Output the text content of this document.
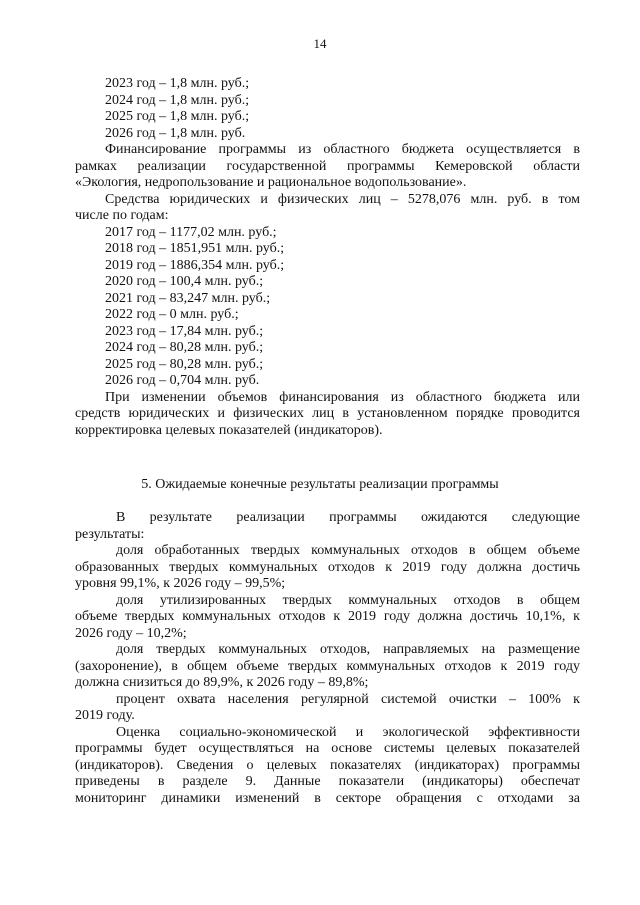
14
2023 год – 1,8 млн. руб.;
2024 год – 1,8 млн. руб.;
2025 год – 1,8 млн. руб.;
2026 год – 1,8 млн. руб.
Финансирование программы из областного бюджета осуществляется в
рамках реализации государственной программы Кемеровской области
«Экология, недропользование и рациональное водопользование».
Средства юридических и физических лиц – 5278,076 млн. руб. в том
числе по годам:
2017 год – 1177,02 млн. руб.;
2018 год – 1851,951 млн. руб.;
2019 год – 1886,354 млн. руб.;
2020 год – 100,4 млн. руб.;
2021 год – 83,247 млн. руб.;
2022 год – 0 млн. руб.;
2023 год – 17,84 млн. руб.;
2024 год – 80,28 млн. руб.;
2025 год – 80,28 млн. руб.;
2026 год – 0,704 млн. руб.
При изменении объемов финансирования из областного бюджета или
средств юридических и физических лиц в установленном порядке проводится
корректировка целевых показателей (индикаторов).
5. Ожидаемые конечные результаты реализации программы
В результате реализации программы ожидаются следующие
результаты:
доля обработанных твердых коммунальных отходов в общем объеме
образованных твердых коммунальных отходов к 2019 году должна достичь
уровня 99,1%, к 2026 году – 99,5%;
доля утилизированных твердых коммунальных отходов в общем
объеме твердых коммунальных отходов к 2019 году должна достичь 10,1%, к
2026 году – 10,2%;
доля твердых коммунальных отходов, направляемых на размещение
(захоронение), в общем объеме твердых коммунальных отходов к 2019 году
должна снизиться до 89,9%, к 2026 году – 89,8%;
процент охвата населения регулярной системой очистки – 100% к
2019 году.
Оценка социально-экономической и экологической эффективности
программы будет осуществляться на основе системы целевых показателей
(индикаторов). Сведения о целевых показателях (индикаторах) программы
приведены в разделе 9. Данные показатели (индикаторы) обеспечат
мониторинг динамики изменений в секторе обращения с отходами за
